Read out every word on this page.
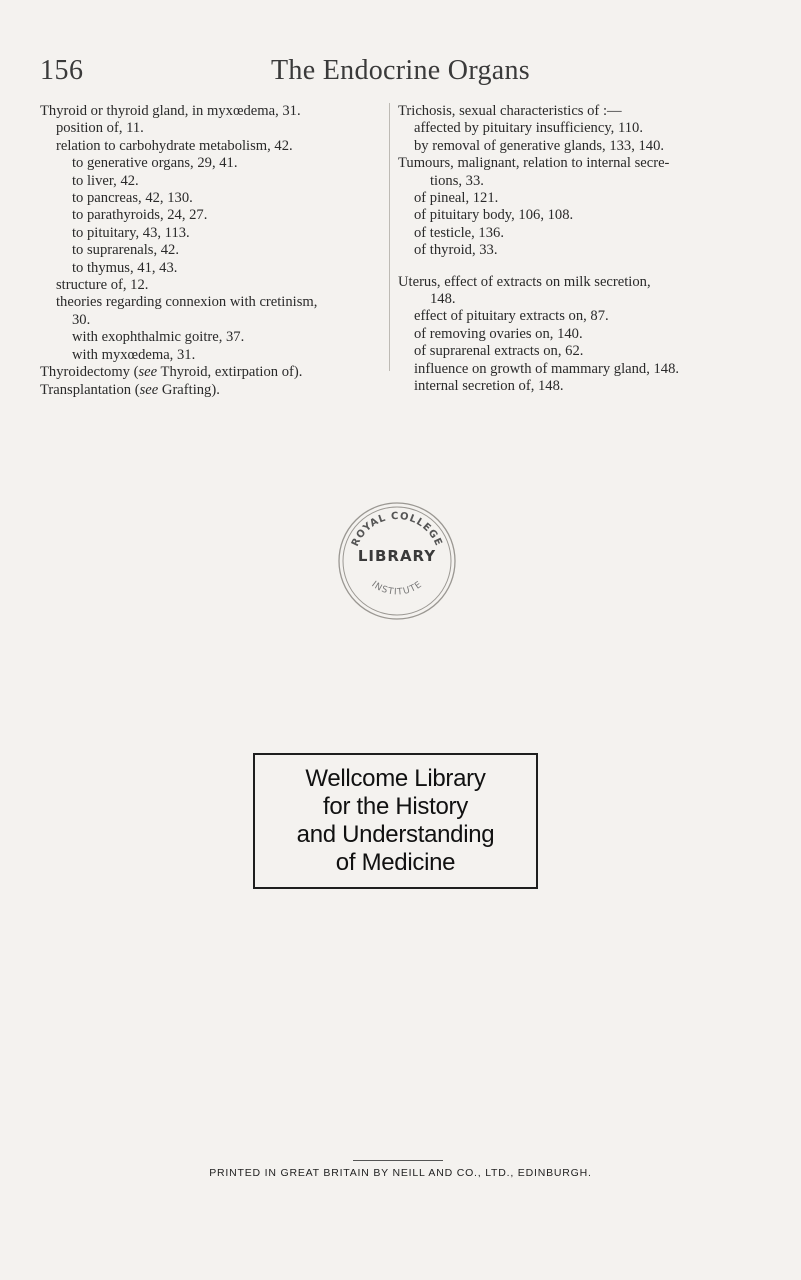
156	The Endocrine Organs
Thyroid or thyroid gland, in myxœdema, 31.
position of, 11.
relation to carbohydrate metabolism, 42.
to generative organs, 29, 41.
to liver, 42.
to pancreas, 42, 130.
to parathyroids, 24, 27.
to pituitary, 43, 113.
to suprarenals, 42.
to thymus, 41, 43.
structure of, 12.
theories regarding connexion with cretinism,
30.
with exophthalmic goitre, 37.
with myxœdema, 31.
Thyroidectomy (see Thyroid, extirpation of).
Transplantation (see Grafting).
Trichosis, sexual characteristics of :—
affected by pituitary insufficiency, 110.
by removal of generative glands, 133, 140.
Tumours, malignant, relation to internal secre-
tions, 33.
of pineal, 121.
of pituitary body, 106, 108.
of testicle, 136.
of thyroid, 33.
Uterus, effect of extracts on milk secretion,
148.
effect of pituitary extracts on, 87.
of removing ovaries on, 140.
of suprarenal extracts on, 62.
influence on growth of mammary gland, 148.
internal secretion of, 148.
ROYAL COLLEGE
INSTITUTE
LIBRARY
Wellcome Library
for the History
and Understanding
of Medicine
PRINTED IN GREAT BRITAIN BY NEILL AND CO., LTD., EDINBURGH.
